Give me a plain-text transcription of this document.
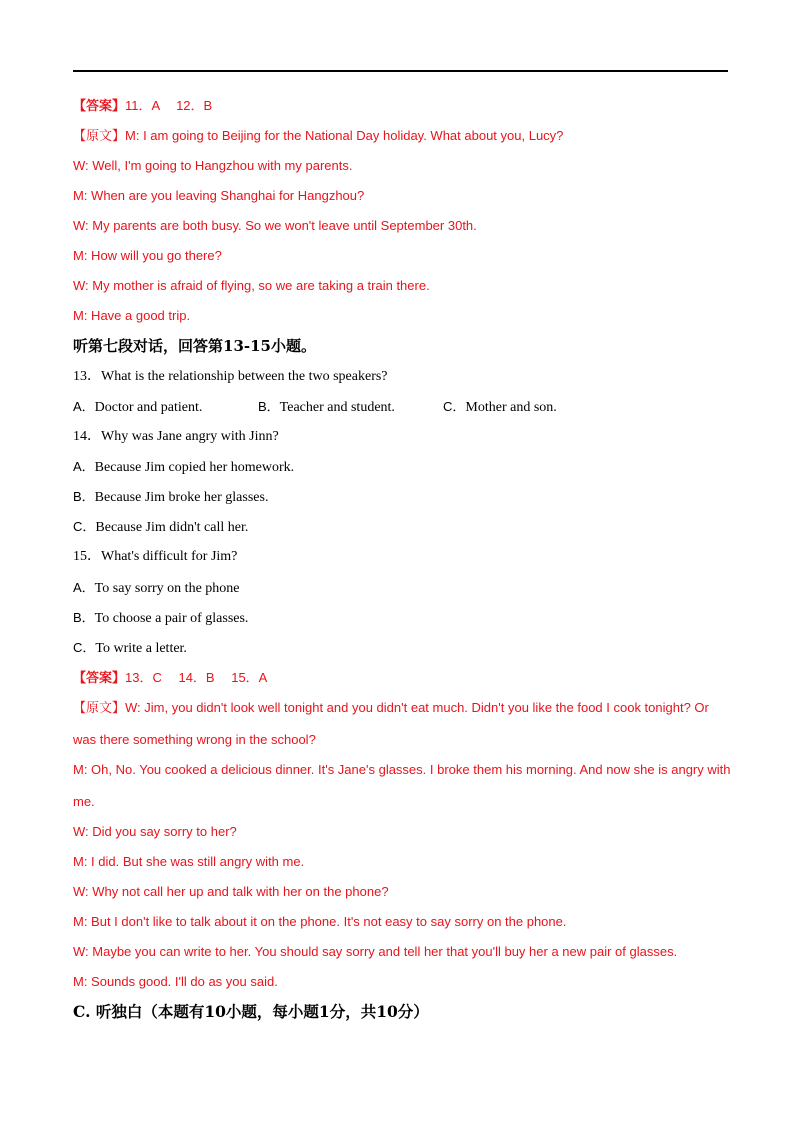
【答案】11．A　 12．B
【原文】M: I am going to Beijing for the National Day holiday. What about you, Lucy?
W: Well, I'm going to Hangzhou with my parents.
M: When are you leaving Shanghai for Hangzhou?
W: My parents are both busy. So we won't leave until September 30th.
M: How will you go there?
W: My mother is afraid of flying, so we are taking a train there.
M: Have a good trip.
听第七段对话，回答第13-15小题。
13．What is the relationship between the two speakers?
A．Doctor and patient.	B．Teacher and student.	C．Mother and son.
14．Why was Jane angry with Jinn?
A．Because Jim copied her homework.
B．Because Jim broke her glasses.
C．Because Jim didn't call her.
15．What's difficult for Jim?
A．To say sorry on the phone
B．To choose a pair of glasses.
C．To write a letter.
【答案】13．C　 14．B　 15．A
【原文】W: Jim, you didn't look well tonight and you didn't eat much. Didn't you like the food I cook tonight? Or
was there something wrong in the school?
M: Oh, No. You cooked a delicious dinner. It's Jane's glasses. I broke them his morning. And now she is angry with
me.
W: Did you say sorry to her?
M: I did. But she was still angry with me.
W: Why not call her up and talk with her on the phone?
M: But I don't like to talk about it on the phone. It's not easy to say sorry on the phone.
W: Maybe you can write to her. You should say sorry and tell her that you'll buy her a new pair of glasses.
M: Sounds good. I'll do as you said.
C. 听独白（本题有10小题，每小题1分，共10分）
